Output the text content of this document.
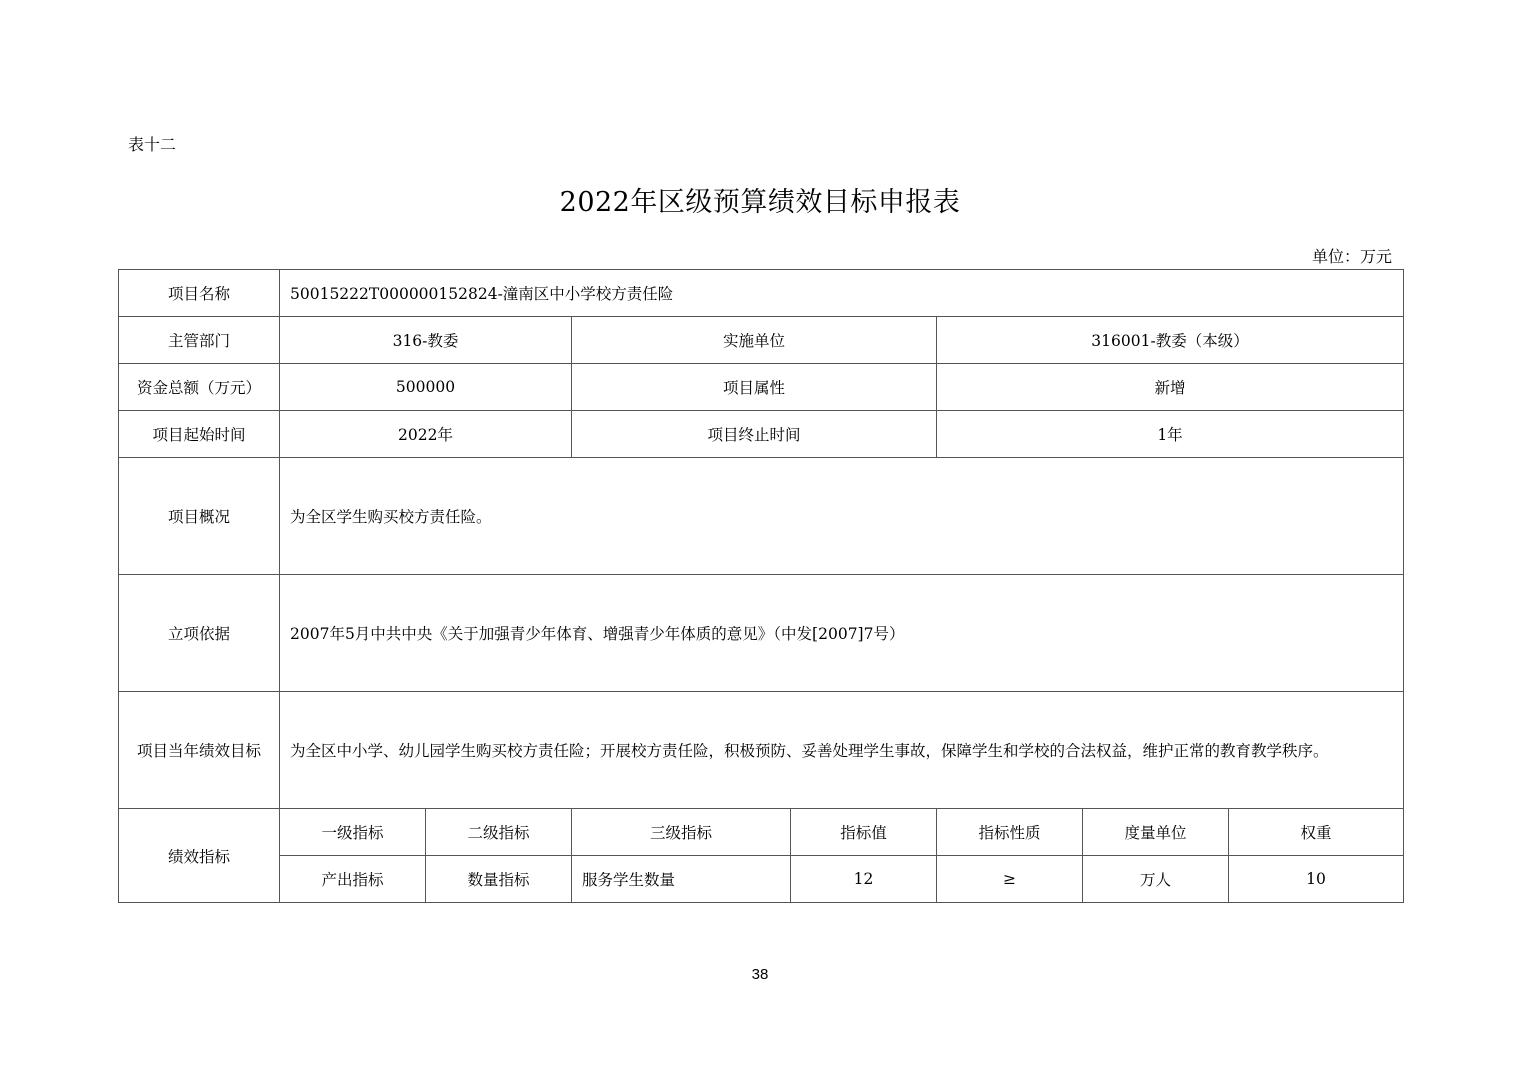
表十二
2022年区级预算绩效目标申报表
单位：万元
项目名称	50015222T000000152824-潼南区中小学校方责任险						
主管部门	316-教委		实施单位		316001-教委（本级）		
资金总额（万元）	500000		项目属性		新增		
项目起始时间	2022年		项目终止时间		1年		
项目概况	为全区学生购买校方责任险。						
立项依据	2007年5月中共中央《关于加强青少年体育、增强青少年体质的意见》（中发[2007]7号）						
项目当年绩效目标	为全区中小学、幼儿园学生购买校方责任险；开展校方责任险，积极预防、妥善处理学生事故，保障学生和学校的合法权益，维护正常的教育教学秩序。						
绩效指标	一级指标	二级指标	三级指标	指标值	指标性质	度量单位	权重
	产出指标	数量指标	服务学生数量	12	≥	万人	10
38
